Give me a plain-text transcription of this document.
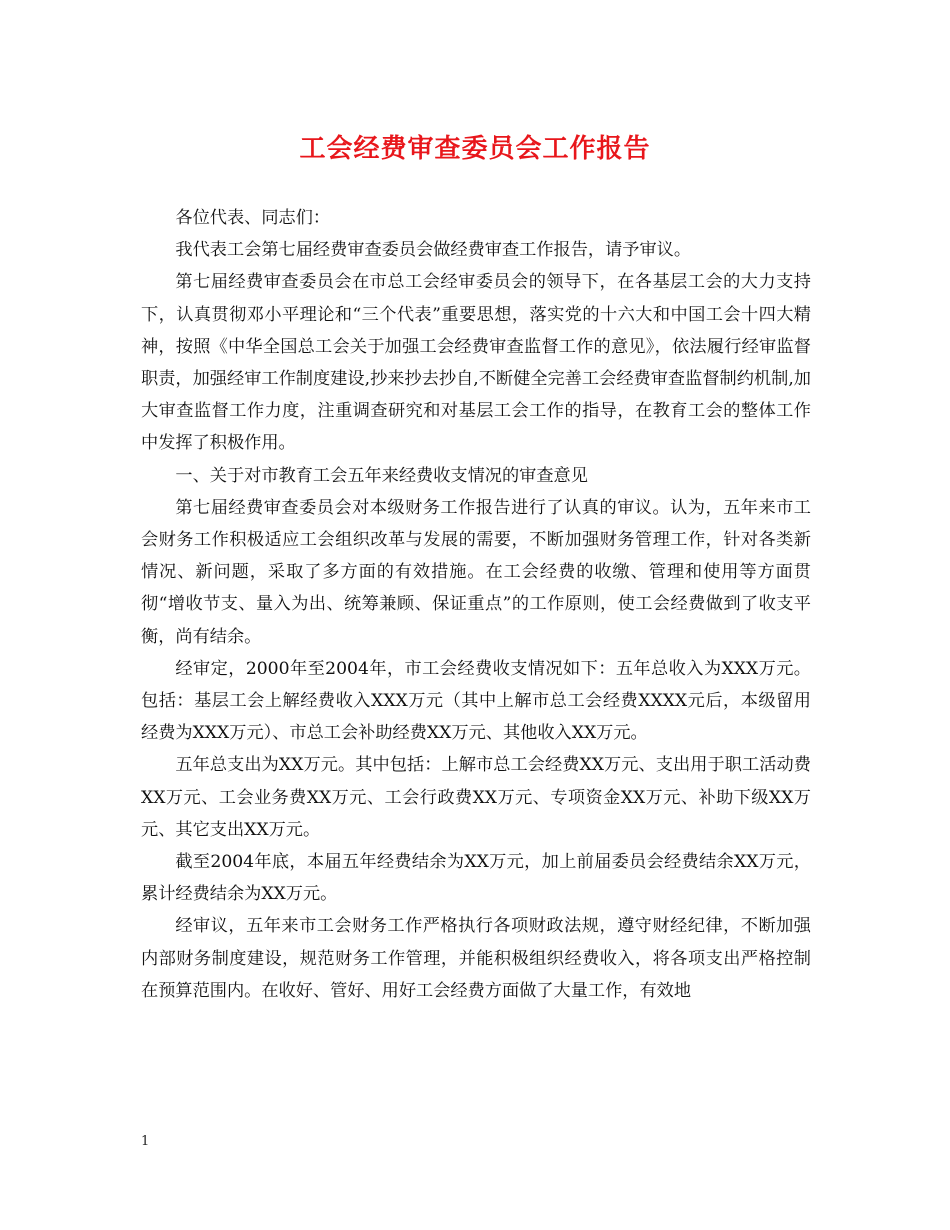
工会经费审查委员会工作报告

各位代表、同志们：

我代表工会第七届经费审查委员会做经费审查工作报告，请予审议。

第七届经费审查委员会在市总工会经审委员会的领导下，在各基层工会的大力支持下，认真贯彻邓小平理论和“三个代表”重要思想，落实党的十六大和中国工会十四大精神，按照《中华全国总工会关于加强工会经费审查监督工作的意见》，依法履行经审监督职责，加强经审工作制度建设,抄来抄去抄自,不断健全完善工会经费审查监督制约机制,加大审查监督工作力度，注重调查研究和对基层工会工作的指导，在教育工会的整体工作中发挥了积极作用。

一、关于对市教育工会五年来经费收支情况的审查意见

第七届经费审查委员会对本级财务工作报告进行了认真的审议。认为，五年来市工会财务工作积极适应工会组织改革与发展的需要，不断加强财务管理工作，针对各类新情况、新问题，采取了多方面的有效措施。在工会经费的收缴、管理和使用等方面贯彻“增收节支、量入为出、统筹兼顾、保证重点”的工作原则，使工会经费做到了收支平衡，尚有结余。

经审定，2000年至2004年，市工会经费收支情况如下：五年总收入为XXX万元。包括：基层工会上解经费收入XXX万元（其中上解市总工会经费XXXX元后，本级留用经费为XXX万元）、市总工会补助经费XX万元、其他收入XX万元。

五年总支出为XX万元。其中包括：上解市总工会经费XX万元、支出用于职工活动费XX万元、工会业务费XX万元、工会行政费XX万元、专项资金XX万元、补助下级XX万元、其它支出XX万元。

截至2004年底，本届五年经费结余为XX万元，加上前届委员会经费结余XX万元，累计经费结余为XX万元。

经审议，五年来市工会财务工作严格执行各项财政法规，遵守财经纪律，不断加强内部财务制度建设，规范财务工作管理，并能积极组织经费收入，将各项支出严格控制在预算范围内。在收好、管好、用好工会经费方面做了大量工作，有效地

1
